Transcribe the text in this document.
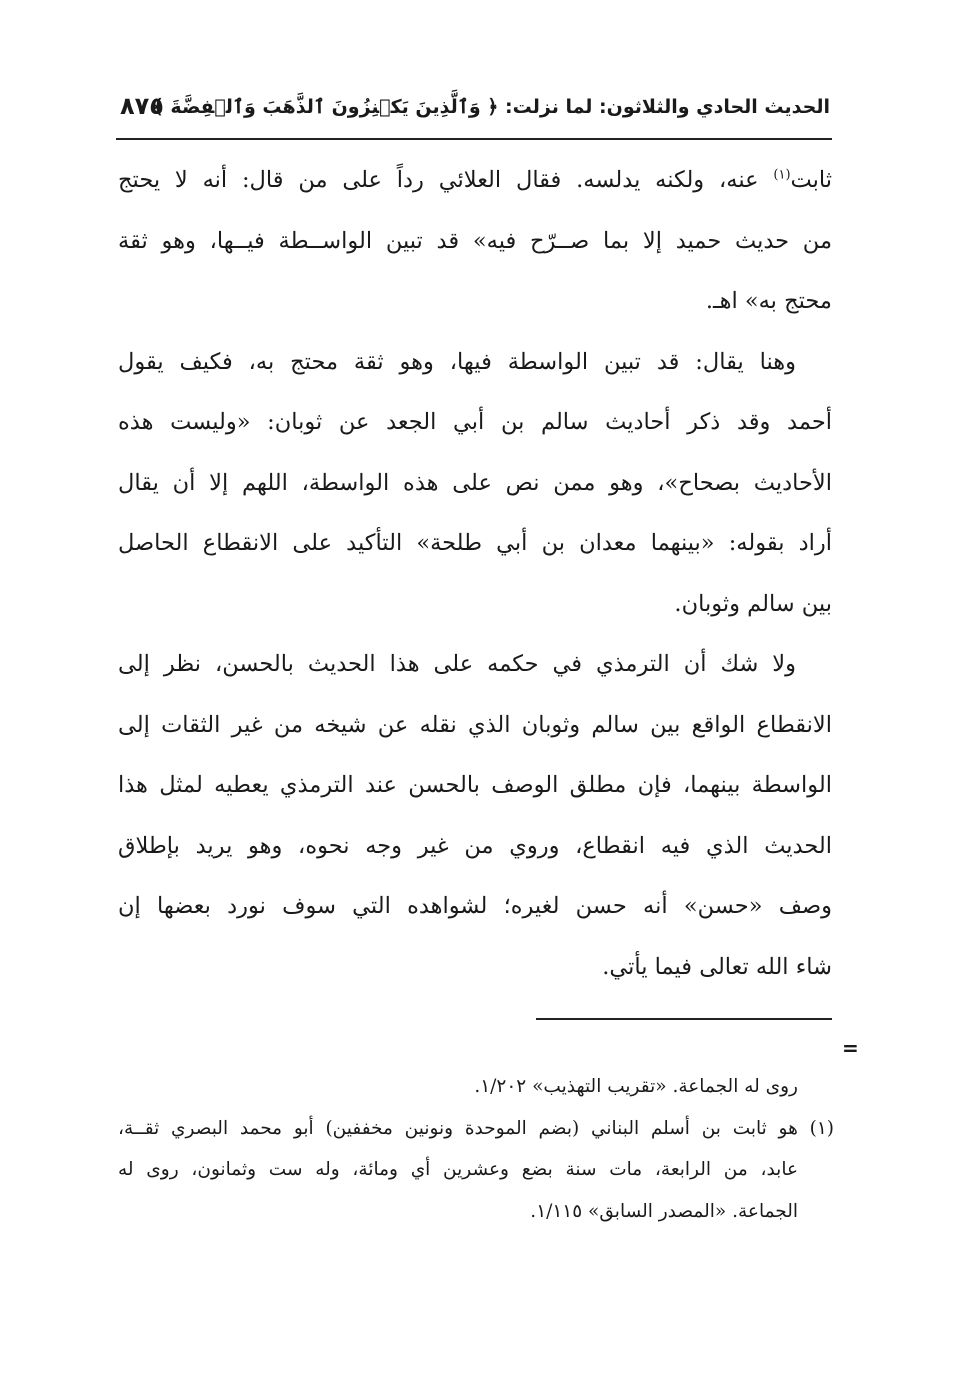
الحديث الحادي والثلاثون: لما نزلت: ﴿ وَٱلَّذِينَ يَكۡنِزُونَ ٱلذَّهَبَ وَٱلۡفِضَّةَ ﴾
٨٧٥
ثابت$^{(١)}$ عنه، ولكنه يدلسه. فقال العلائي رداً على من قال: أنه لا يحتج
من حديث حميد إلا بما صــرّح فيه» قد تبين الواســطة فيــها، وهو ثقة
محتج به» اهـ.
وهنا يقال: قد تبين الواسطة فيها، وهو ثقة محتج به، فكيف يقول
أحمد وقد ذكر أحاديث سالم بن أبي الجعد عن ثوبان: «وليست هذه
الأحاديث بصحاح»، وهو ممن نص على هذه الواسطة، اللهم إلا أن يقال
أراد بقوله: «بينهما معدان بن أبي طلحة» التأكيد على الانقطاع الحاصل
بين سالم وثوبان.
ولا شك أن الترمذي في حكمه على هذا الحديث بالحسن، نظر إلى
الانقطاع الواقع بين سالم وثوبان الذي نقله عن شيخه من غير الثقات إلى
الواسطة بينهما، فإن مطلق الوصف بالحسن عند الترمذي يعطيه لمثل هذا
الحديث الذي فيه انقطاع، وروي من غير وجه نحوه، وهو يريد بإطلاق
وصف «حسن» أنه حسن لغيره؛ لشواهده التي سوف نورد بعضها إن
شاء الله تعالى فيما يأتي.
=
روى له الجماعة. «تقريب التهذيب» ١/٢٠٢.
(١) هو ثابت بن أسلم البناني (بضم الموحدة ونونين مخففين) أبو محمد البصري ثقــة،
عابد، من الرابعة، مات سنة بضع وعشرين أي ومائة، وله ست وثمانون، روى له
الجماعة. «المصدر السابق» ١/١١٥.
